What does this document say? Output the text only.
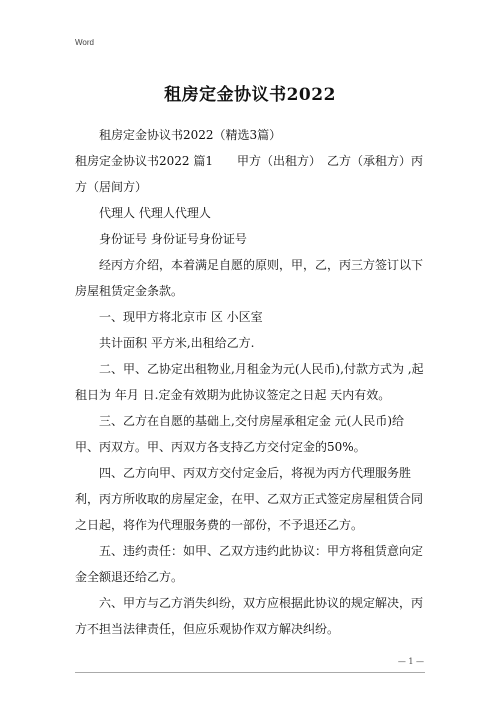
Word
租房定金协议书2022

租房定金协议书2022（精选3篇）

租房定金协议书2022 篇1　　甲方（出租方）　乙方（承租方）丙方（居间方）

代理人 代理人代理人

身份证号 身份证号身份证号

经丙方介绍，本着满足自愿的原则，甲，乙，丙三方签订以下房屋租赁定金条款。

一、现甲方将北京市 区 小区室

共计面积 平方米,出租给乙方.

二、甲、乙协定出租物业,月租金为元(人民币),付款方式为 ,起租日为 年月 日.定金有效期为此协议签定之日起 天内有效。

三、乙方在自愿的基础上,交付房屋承租定金 元(人民币)给甲、丙双方。甲、丙双方各支持乙方交付定金的50%。

四、乙方向甲、丙双方交付定金后，将视为丙方代理服务胜利，丙方所收取的房屋定金，在甲、乙双方正式签定房屋租赁合同之日起，将作为代理服务费的一部份，不予退还乙方。

五、违约责任：如甲、乙双方违约此协议：甲方将租赁意向定金全额退还给乙方。

六、甲方与乙方消失纠纷，双方应根据此协议的规定解决，丙方不担当法律责任，但应乐观协作双方解决纠纷。

— 1 —
